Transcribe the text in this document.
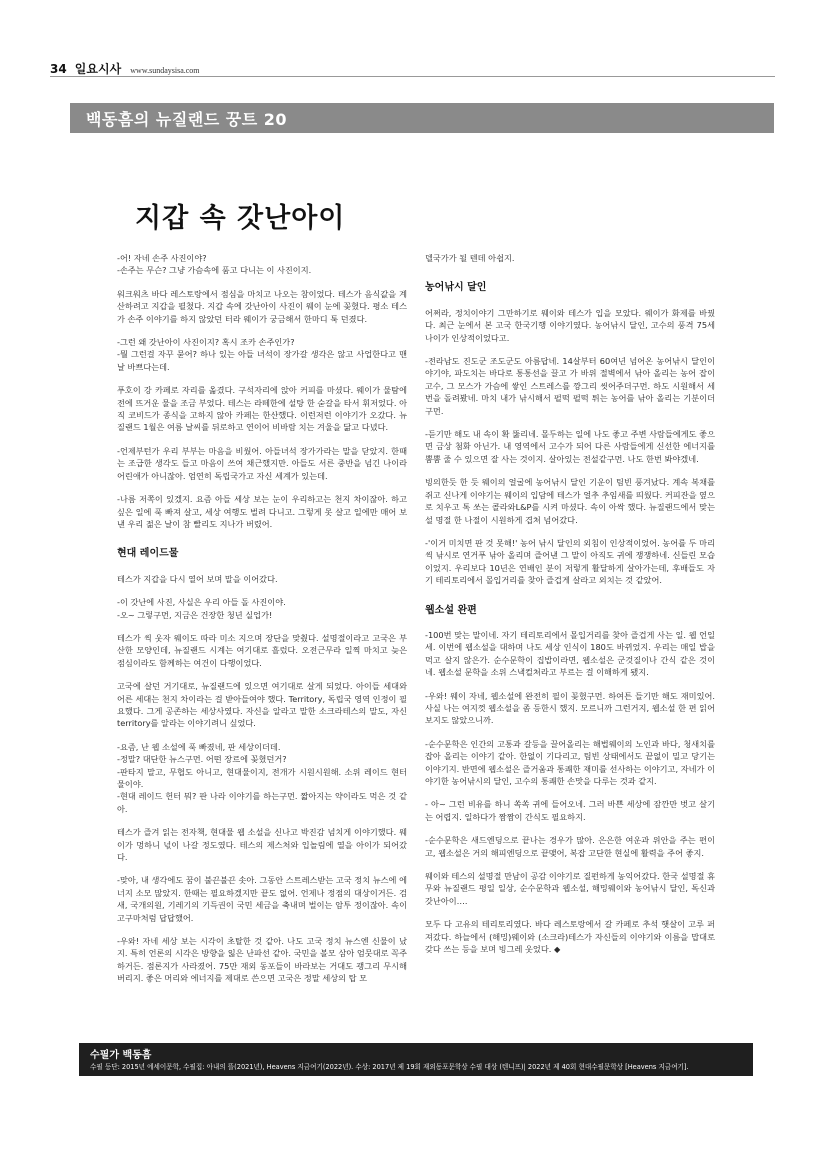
34 일요시사 www.sundaysisa.com
백동흠의 뉴질랜드 꿍트 20
지갑 속 갓난아이

-어! 자네 손주 사진이야?
-손주는 무슨? 그냥 가슴속에 품고 다니는 이 사진이지.

워크워츠 바다 레스토랑에서 점심을 마치고 나오는 참이었다. 테스가 음식값을 계산하려고 지갑을 펼쳤다. 지갑 속에 갓난아이 사진이 웨이 눈에 꽂혔다. 평소 테스가 손주 이야기를 하지 않았던 터라 웨이가 궁금해서 한마디 툭 던졌다.

-그런 왜 갓난아이 사진이지? 혹시 조카 손주인가?
-뭘 그런걸 자꾸 묻어? 하나 있는 아들 녀석이 장가갈 생각은 않고 사업한다고 맨날 바쁘다는데.

푸호이 강 카페로 자리를 옮겼다. 구석자리에 앉아 커피를 마셨다. 웨이가 물탐에 전에 뜨거운 물을 조금 부었다. 테스는 라떼한에 설탕 한 숟갈을 타서 휘저었다. 아직 코비드가 종식을 고하지 않아 카페는 한산했다. 이런저런 이야기가 오갔다. 뉴질랜드 1월은 여름 날씨를 뒤로하고 연이어 비바람 치는 겨울을 닮고 다녔다.

-언제부턴가 우리 부부는 마음을 비웠어. 아들녀석 장가가라는 말을 닫았지. 한때는 조급한 생각도 들고 마음이 쓰여 채근했지만. 아들도 서른 중반을 넘긴 나이라 어린애가 아니잖아. 엄연히 독립국가고 자신 세계가 있는데.

-나름 저쪽이 있겠지. 요즘 아들 세상 보는 눈이 우리하고는 천지 차이잖아. 하고 싶은 일에 푹 빠져 살고, 세상 여행도 벌려 다니고. 그렇게 못 살고 일에만 매어 보낸 우리 젊은 날이 참 빨리도 지나가 버렸어.

현대 레이드물

테스가 지갑을 다시 열어 보며 말을 이어갔다.

-이 갓난에 사진, 사실은 우리 아들 돌 사진이야.
-오~ 그렇구먼, 지금은 건장한 청년 실업가!

테스가 씩 웃자 웨이도 따라 미소 지으며 장단을 맞췄다. 설명절이라고 고국은 부산한 모양인데, 뉴질랜드 시계는 여기대로 흘렀다. 오전근무라 일찍 마치고 늦은 점심이라도 함께하는 여건이 다행이었다.

고국에 살던 거기대로, 뉴질랜드에 있으면 여기대로 살게 되었다. 아이들 세대와 어른 세대는 천지 차이라는 걸 받아들여야 했다. Territory, 독립국 영역 인정이 필요했다. 그게 공존하는 세상사였다. 자신을 알라고 말한 소크라테스의 말도, 자신 territory를 알라는 이야기려니 싶었다.

-요즘, 난 웹 소설에 푹 빠졌네, 판 세상이더데.
-정말? 대단한 뉴스구먼. 어떤 장르에 꽂혔던거?
-판타지 말고, 무협도 아니고, 현대물이지, 전개가 시원시원해. 소위 레이드 현터 물이야.
-현대 레이드 헌터 뭐? 판 나라 이야기를 하는구먼. 짧아지는 약이라도 먹은 것 같아.

테스가 즐겨 읽는 전자책, 현대물 웹 소설을 신나고 박진감 넘치게 이야기했다. 웨이가 멍하니 넋이 나갈 정도였다. 테스의 제스처와 입놀림에 열을 아이가 되어갔다.

-맞아, 내 생각에도 꿈이 불끈불끈 솟아. 그동안 스트레스받는 고국 정치 뉴스에 에너지 소모 많았지. 한때는 필요하겠지만 끝도 없어. 언제나 정점의 대상이거든. 검새, 국개의원, 기레기의 기득권이 국민 세금을 축내며 벌이는 암투 정이잖아. 속이 고구마처럼 답답했어.

-우와! 자네 세상 보는 시각이 초탈한 것 같아. 나도 고국 정치 뉴스엔 신물이 났지. 특히 언론의 시각은 방향을 잃은 난파선 같아. 국민을 볼모 삼아 엄뭇대로 꼭주하거든. 점론지가 사라졌어. 75만 재외 동포들이 바라보는 거대도 괭그리 무시해버리지. 좋은 머리와 에너지를 제대로 쓴으면 고국은 정말 세상의 탑 모

델국가가 될 텐데 아쉽지.

농어낚시 달인

어쩌라, 정치이야기 그만하기로 웨이와 테스가 입을 모았다. 웨이가 화제를 바꿨다. 최근 눈에서 본 고국 한국기행 이야기였다. 농어낚시 달인, 고수의 풍격 75세 나이가 인상적이었다고.

-전라남도 진도군 조도군도 아름답네. 14살부터 60여년 넘어온 농어낚시 달인이야기야, 파도치는 바다로 통통선을 끌고 가 바위 절벽에서 낚아 올리는 농어 잡이 고수, 그 모스가 가슴에 쌓인 스트레스를 깡그리 씻어주더구먼. 하도 시원해서 세 번을 돌려봤네. 마치 내가 낚시해서 펄떡 펄떡 튀는 농어를 낚아 올리는 기분이더구먼.

-듣기만 해도 내 속이 확 뚫리네. 몰두하는 일에 나도 좋고 주변 사람들에게도 좋으면 금상 첨화 아닌가. 내 영역에서 고수가 되어 다른 사람들에게 신선한 에너지를 뿜뿜 줄 수 있으면 잘 사는 것이지. 살아있는 전설같구먼. 나도 한번 봐야겠네.

빙의한듯 한 듯 웨이의 얼굴에 농어낚시 달인 기운이 팀빈 풍겨났다. 계속 복채를 쥐고 신나게 이야기는 웨이의 입담에 테스가 얼추 추임새를 띄웠다. 커피잔을 옆으로 치우고 톡 쏘는 콜라와L&P를 시켜 마셨다. 속이 아싹 했다. 뉴질랜드에서 맞는 설 명절 한 나절이 시원하게 겹쳐 넘어갔다.

-'이거 미치면 판 것 못해!' 농어 낚시 달인의 외침이 인상적이었어. 농어를 두 마리씩 낚시로 연거푸 낚아 올리며 즐어낸 그 말이 아직도 귀에 쟁쟁하네. 신들린 모습이었지. 우리보다 10년은 연배인 분이 저렇게 활달하게 살아가는데, 후배들도 자기 테리토리에서 몰입거리를 찾아 즐겁게 살라고 외치는 것 같았어.

웹소설 완편

-100번 맞는 말이네. 자기 테리토리에서 몰입거리를 찾아 즐겁게 사는 일. 웹 언일세. 이번에 웹소설을 대하며 나도 세상 인식이 180도 바뀌었지. 우리는 매일 밥을 먹고 살지 않은가. 순수문학이 집밥이라면, 웹소설은 군것질이나 간식 같은 것이네. 웹소설 문학을 소위 스낵컬쳐라고 부르는 걸 이해하게 됐지.

-우와! 웨이 자네, 웹소설에 완전히 필이 꽂혔구먼. 하여튼 들기만 해도 재미있어. 사실 나는 여지껏 웹소설을 좀 등한시 했지. 모르니까 그런거지, 웹소설 한 편 읽어보지도 않았으니까.

-순수문학은 인간의 고통과 갈등을 끌어올리는 해법웨이의 노인과 바다, 청새치를 잡아 올리는 이야기 같아. 한없이 기다리고, 팀빈 상태에서도 끝없이 밀고 당기는 이야기지. 반면에 웹소설은 즐거움과 통쾌한 재미를 선사하는 이야기고, 자네가 이야기한 농어낚시의 달인, 고수의 통쾌한 손맛을 다루는 것과 같지.

- 아~ 그런 비유를 하니 쏙쏙 귀에 들어오네. 그러 바쁜 세상에 잠깐만 벗고 살기는 어렵지. 일하다가 짬짬이 간식도 필요하지.

-순수문학은 새드엔딩으로 끝나는 경우가 많아. 은은한 여운과 위안을 주는 편이고, 웹소설은 거의 해피엔딩으로 끝맺어, 복잡 고단한 현실에 활력을 주어 좋지.

웨이와 테스의 설명절 만남이 공감 이야기로 질펀하게 농익어갔다. 한국 설명절 휴무와 뉴질랜드 평일 일상, 순수문학과 웹소설, 해밍웨이와 농어낚시 달인, 독신과 갓난아이….

모두 다 고유의 테리토리였다. 바다 레스토랑에서 갈 카페로 추석 햇살이 고루 퍼져갔다. 하늘에서 (해밍)웨이와 (소크라)테스가 자신들의 이야기와 이름을 맙대로 갖다 쓰는 등을 보며 빙그레 웃었다. ◆

수필가 백동흠
수필 등단: 2015년 에세이문학, 수필집: 아내의 뜰(2021년), Heavens 지금여기(2022년). 수상: 2017년 제 19회 재외동포문학상 수필 대상 (텐니프)| 2022년 제 40회 현대수필문학상 [Heavens 지금여기].
